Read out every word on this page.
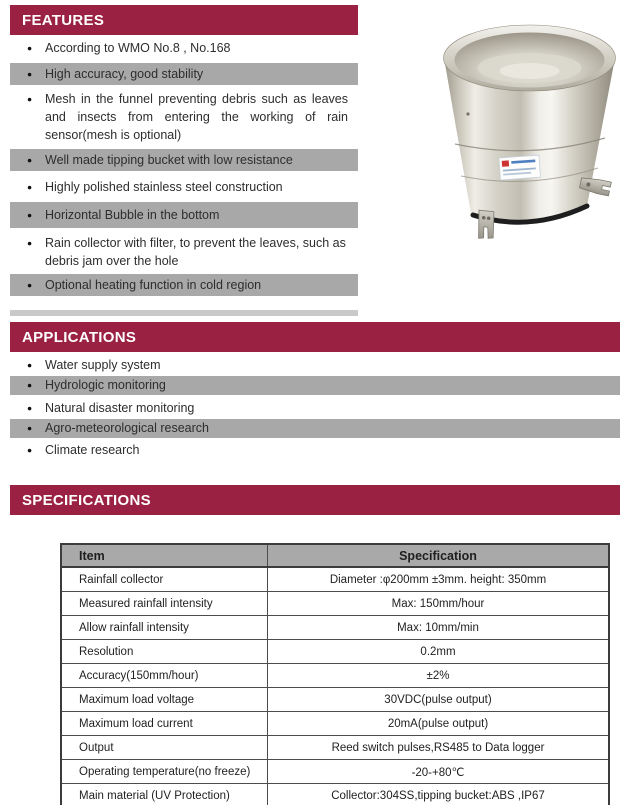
FEATURES
●	According to WMO No.8 , No.168
●	High accuracy, good stability
●	Mesh in the funnel preventing debris such as leaves and insects from entering the working of rain sensor(mesh is optional)
●	Well made tipping bucket with low resistance
●	Highly polished stainless steel construction
●	Horizontal Bubble in the bottom
●	Rain collector with filter, to prevent the leaves, such as debris jam over the hole
●	Optional heating function in cold region
APPLICATIONS
●	Water supply system
●	Hydrologic monitoring
●	Natural disaster monitoring
●	Agro-meteorological research
●	Climate research
SPECIFICATIONS
Item	Specification
Rainfall collector	Diameter :φ200mm ±3mm. height: 350mm
Measured rainfall intensity	Max: 150mm/hour
Allow rainfall intensity	Max: 10mm/min
Resolution	0.2mm
Accuracy(150mm/hour)	±2%
Maximum load voltage	30VDC(pulse output)
Maximum load current	20mA(pulse output)
Output	Reed switch pulses,RS485 to Data logger
Operating temperature(no freeze)	-20-+80℃
Main material (UV Protection)	Collector:304SS,tipping bucket:ABS ,IP67
